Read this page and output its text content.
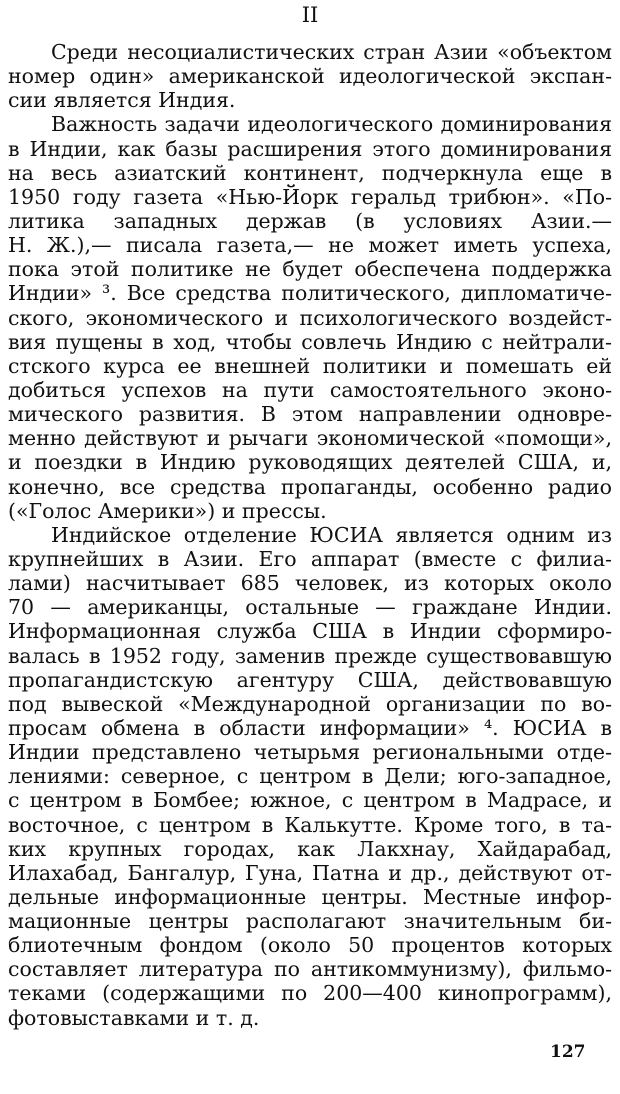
II
Среди несоциалистических стран Азии «объектом
номер один» американской идеологической экспан-
сии является Индия.
Важность задачи идеологического доминирования
в Индии, как базы расширения этого доминирования
на весь азиатский континент, подчеркнула еще в
1950 году газета «Нью-Йорк геральд трибюн». «По-
литика западных держав (в условиях Азии.—
Н. Ж.),— писала газета,— не может иметь успеха,
пока этой политике не будет обеспечена поддержка
Индии» ³. Все средства политического, дипломатиче-
ского, экономического и психологического воздейст-
вия пущены в ход, чтобы совлечь Индию с нейтрали-
стского курса ее внешней политики и помешать ей
добиться успехов на пути самостоятельного эконо-
мического развития. В этом направлении одновре-
менно действуют и рычаги экономической «помощи»,
и поездки в Индию руководящих деятелей США, и,
конечно, все средства пропаганды, особенно радио
(«Голос Америки») и прессы.
Индийское отделение ЮСИА является одним из
крупнейших в Азии. Его аппарат (вместе с филиа-
лами) насчитывает 685 человек, из которых около
70 — американцы, остальные — граждане Индии.
Информационная служба США в Индии сформиро-
валась в 1952 году, заменив прежде существовавшую
пропагандистскую агентуру США, действовавшую
под вывеской «Международной организации по во-
просам обмена в области информации» ⁴. ЮСИА в
Индии представлено четырьмя региональными отде-
лениями: северное, с центром в Дели; юго-западное,
с центром в Бомбее; южное, с центром в Мадрасе, и
восточное, с центром в Калькутте. Кроме того, в та-
ких крупных городах, как Лакхнау, Хайдарабад,
Илахабад, Бангалур, Гуна, Патна и др., действуют от-
дельные информационные центры. Местные инфор-
мационные центры располагают значительным би-
блиотечным фондом (около 50 процентов которых
составляет литература по антикоммунизму), фильмо-
теками (содержащими по 200—400 кинопрограмм),
фотовыставками и т. д.
127
